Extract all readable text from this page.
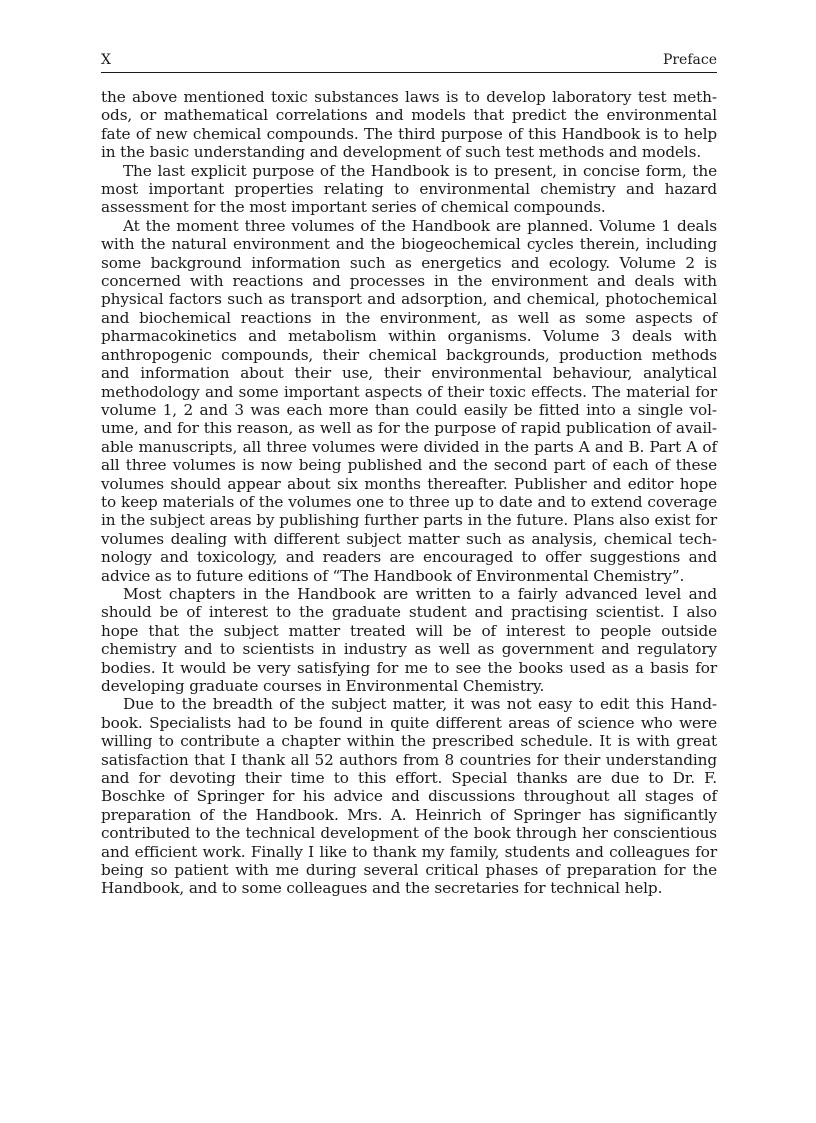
X	Preface

the above mentioned toxic substances laws is to develop laboratory test methods, or mathematical correlations and models that predict the environmental fate of new chemical compounds. The third purpose of this Handbook is to help in the basic understanding and development of such test methods and models.

The last explicit purpose of the Handbook is to present, in concise form, the most important properties relating to environmental chemistry and hazard assessment for the most important series of chemical compounds.

At the moment three volumes of the Handbook are planned. Volume 1 deals with the natural environment and the biogeochemical cycles therein, including some background information such as energetics and ecology. Volume 2 is concerned with reactions and processes in the environment and deals with physical factors such as transport and adsorption, and chemical, photochemical and biochemical reactions in the environment, as well as some aspects of pharmacokinetics and metabolism within organisms. Volume 3 deals with anthropogenic compounds, their chemical backgrounds, production methods and information about their use, their environmental behaviour, analytical methodology and some important aspects of their toxic effects. The material for volume 1, 2 and 3 was each more than could easily be fitted into a single volume, and for this reason, as well as for the purpose of rapid publication of available manuscripts, all three volumes were divided in the parts A and B. Part A of all three volumes is now being published and the second part of each of these volumes should appear about six months thereafter. Publisher and editor hope to keep materials of the volumes one to three up to date and to extend coverage in the subject areas by publishing further parts in the future. Plans also exist for volumes dealing with different subject matter such as analysis, chemical technology and toxicology, and readers are encouraged to offer suggestions and advice as to future editions of “The Handbook of Environmental Chemistry”.

Most chapters in the Handbook are written to a fairly advanced level and should be of interest to the graduate student and practising scientist. I also hope that the subject matter treated will be of interest to people outside chemistry and to scientists in industry as well as government and regulatory bodies. It would be very satisfying for me to see the books used as a basis for developing graduate courses in Environmental Chemistry.

Due to the breadth of the subject matter, it was not easy to edit this Handbook. Specialists had to be found in quite different areas of science who were willing to contribute a chapter within the prescribed schedule. It is with great satisfaction that I thank all 52 authors from 8 countries for their understanding and for devoting their time to this effort. Special thanks are due to Dr. F. Boschke of Springer for his advice and discussions throughout all stages of preparation of the Handbook. Mrs. A. Heinrich of Springer has significantly contributed to the technical development of the book through her conscientious and efficient work. Finally I like to thank my family, students and colleagues for being so patient with me during several critical phases of preparation for the Handbook, and to some colleagues and the secretaries for technical help.
